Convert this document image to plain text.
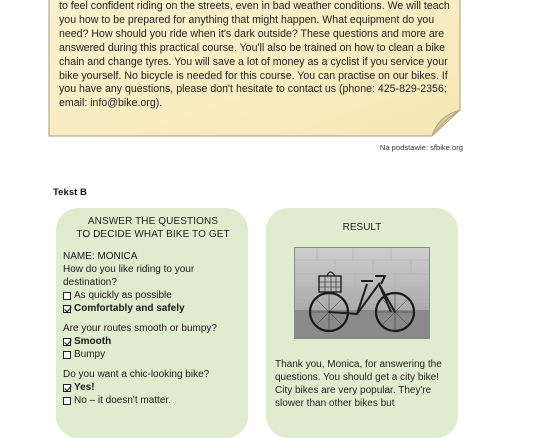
to feel confident riding on the streets, even in bad weather conditions. We will teach you how to be prepared for anything that might happen. What equipment do you need? How should you ride when it's dark outside? These questions and more are answered during this practical course. You'll also be trained on how to clean a bike chain and change tyres. You will save a lot of money as a cyclist if you service your bike yourself. No bicycle is needed for this course. You can practise on our bikes. If you have any questions, please don't hesitate to contact us (phone: 425-829-2356; email: info@bike.org).
Na podstawie: sfbike.org
Tekst B
ANSWER THE QUESTIONS
TO DECIDE WHAT BIKE TO GET
NAME: MONICA
How do you like riding to your destination?
As quickly as possible
Comfortably and safely
Are your routes smooth or bumpy?
Smooth
Bumpy
Do you want a chic-looking bike?
Yes!
No – it doesn't matter.
RESULT
Thank you, Monica, for answering the questions. You should get a city bike! City bikes are very popular. They're slower than other bikes but
